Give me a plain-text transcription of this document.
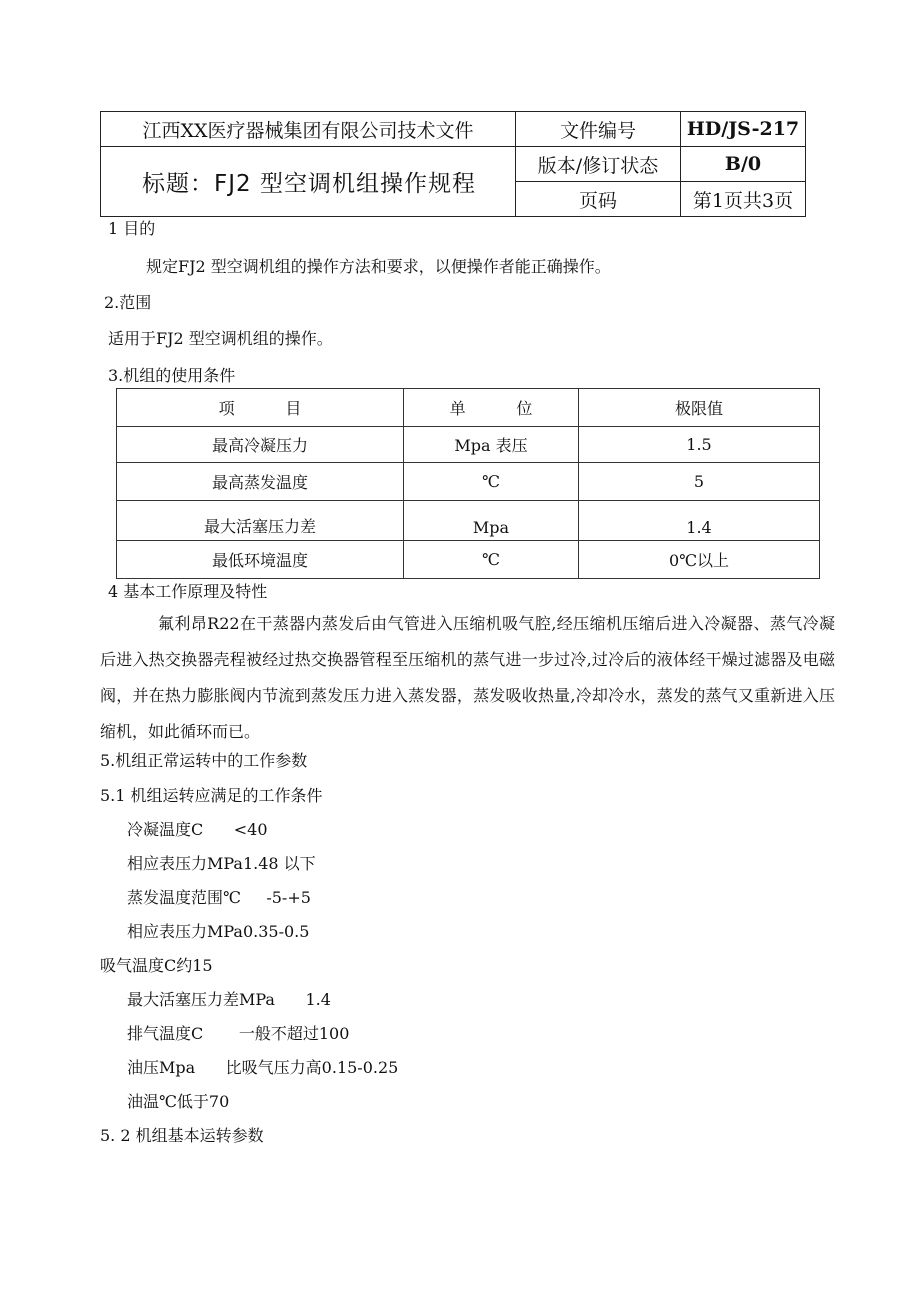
江西XX医疗器械集团有限公司技术文件	文件编号	HD/JS-217
标题：FJ2 型空调机组操作规程	版本/修订状态	B/0
	页码	第1页共3页
1 目的
规定FJ2 型空调机组的操作方法和要求，以便操作者能正确操作。
2.范围
适用于FJ2 型空调机组的操作。
3.机组的使用条件
项          目	单          位	极限值
最高冷凝压力	Mpa 表压	1.5
最高蒸发温度	℃	5
最大活塞压力差	Mpa	1.4
最低环境温度	℃	0℃以上
4 基本工作原理及特性
氟利昂R22在干蒸器内蒸发后由气管进入压缩机吸气腔,经压缩机压缩后进入冷凝器、蒸气冷凝后进入热交换器壳程被经过热交换器管程至压缩机的蒸气进一步过冷,过冷后的液体经干燥过滤器及电磁阀，并在热力膨胀阀内节流到蒸发压力进入蒸发器，蒸发吸收热量,冷却冷水，蒸发的蒸气又重新进入压缩机，如此循环而已。
5.机组正常运转中的工作参数
5.1 机组运转应满足的工作条件
冷凝温度C      <40
相应表压力MPa1.48 以下
蒸发温度范围℃     -5-+5
相应表压力MPa0.35-0.5
吸气温度C约15
最大活塞压力差MPa      1.4
排气温度C       一般不超过100
油压Mpa      比吸气压力高0.15-0.25
油温℃低于70
5. 2 机组基本运转参数
